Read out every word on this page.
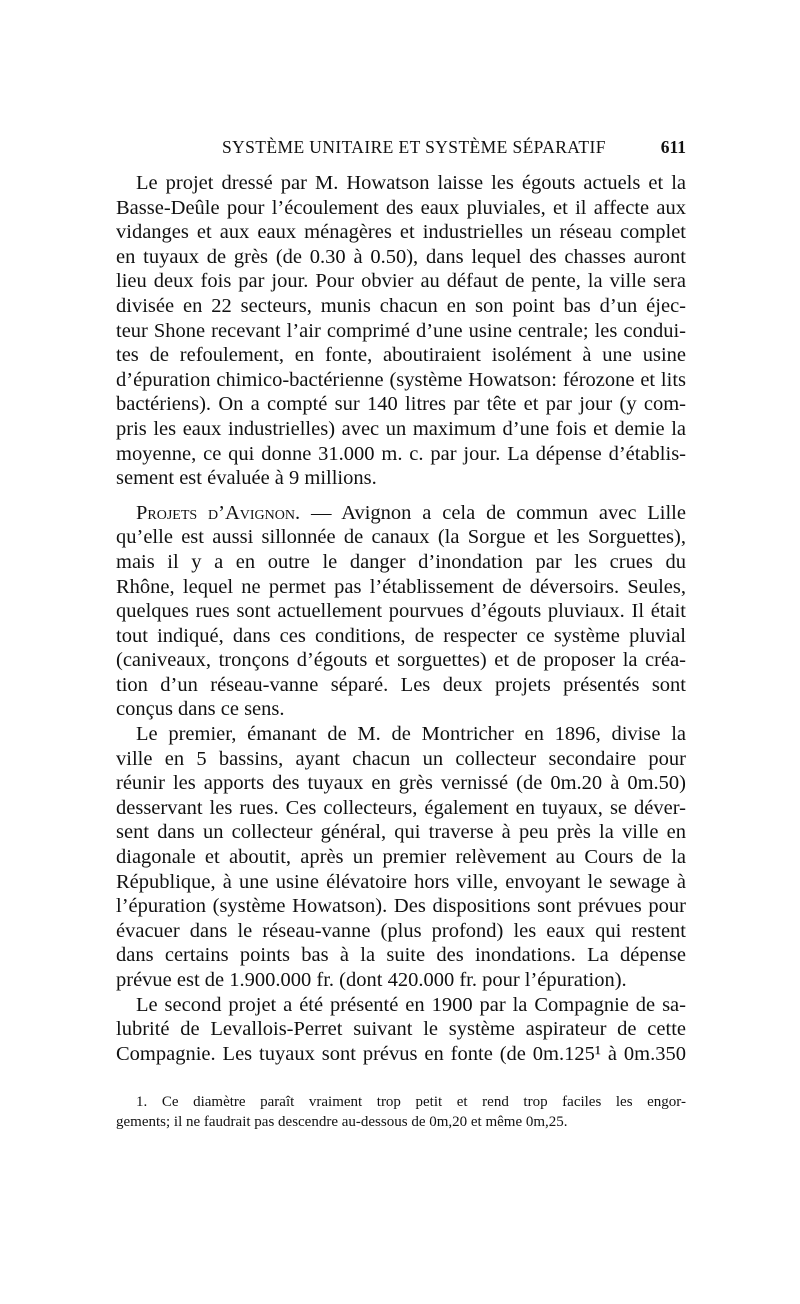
SYSTÈME UNITAIRE ET SYSTÈME SÉPARATIF	611
Le projet dressé par M. Howatson laisse les égouts actuels et la
Basse-Deûle pour l’écoulement des eaux pluviales, et il affecte aux
vidanges et aux eaux ménagères et industrielles un réseau complet
en tuyaux de grès (de 0.30 à 0.50), dans lequel des chasses auront
lieu deux fois par jour. Pour obvier au défaut de pente, la ville sera
divisée en 22 secteurs, munis chacun en son point bas d’un éjec-
teur Shone recevant l’air comprimé d’une usine centrale; les condui-
tes de refoulement, en fonte, aboutiraient isolément à une usine
d’épuration chimico-bactérienne (système Howatson: férozone et lits
bactériens). On a compté sur 140 litres par tête et par jour (y com-
pris les eaux industrielles) avec un maximum d’une fois et demie la
moyenne, ce qui donne 31.000 m. c. par jour. La dépense d’établis-
sement est évaluée à 9 millions.
Projets d’Avignon. — Avignon a cela de commun avec Lille
qu’elle est aussi sillonnée de canaux (la Sorgue et les Sorguettes),
mais il y a en outre le danger d’inondation par les crues du
Rhône, lequel ne permet pas l’établissement de déversoirs. Seules,
quelques rues sont actuellement pourvues d’égouts pluviaux. Il était
tout indiqué, dans ces conditions, de respecter ce système pluvial
(caniveaux, tronçons d’égouts et sorguettes) et de proposer la créa-
tion d’un réseau-vanne séparé. Les deux projets présentés sont
conçus dans ce sens.
Le premier, émanant de M. de Montricher en 1896, divise la
ville en 5 bassins, ayant chacun un collecteur secondaire pour
réunir les apports des tuyaux en grès vernissé (de 0m.20 à 0m.50)
desservant les rues. Ces collecteurs, également en tuyaux, se déver-
sent dans un collecteur général, qui traverse à peu près la ville en
diagonale et aboutit, après un premier relèvement au Cours de la
République, à une usine élévatoire hors ville, envoyant le sewage à
l’épuration (système Howatson). Des dispositions sont prévues pour
évacuer dans le réseau-vanne (plus profond) les eaux qui restent
dans certains points bas à la suite des inondations. La dépense
prévue est de 1.900.000 fr. (dont 420.000 fr. pour l’épuration).
Le second projet a été présenté en 1900 par la Compagnie de sa-
lubrité de Levallois-Perret suivant le système aspirateur de cette
Compagnie. Les tuyaux sont prévus en fonte (de 0m.125¹ à 0m.350
1. Ce diamètre paraît vraiment trop petit et rend trop faciles les engor-
gements; il ne faudrait pas descendre au-dessous de 0m,20 et même 0m,25.
